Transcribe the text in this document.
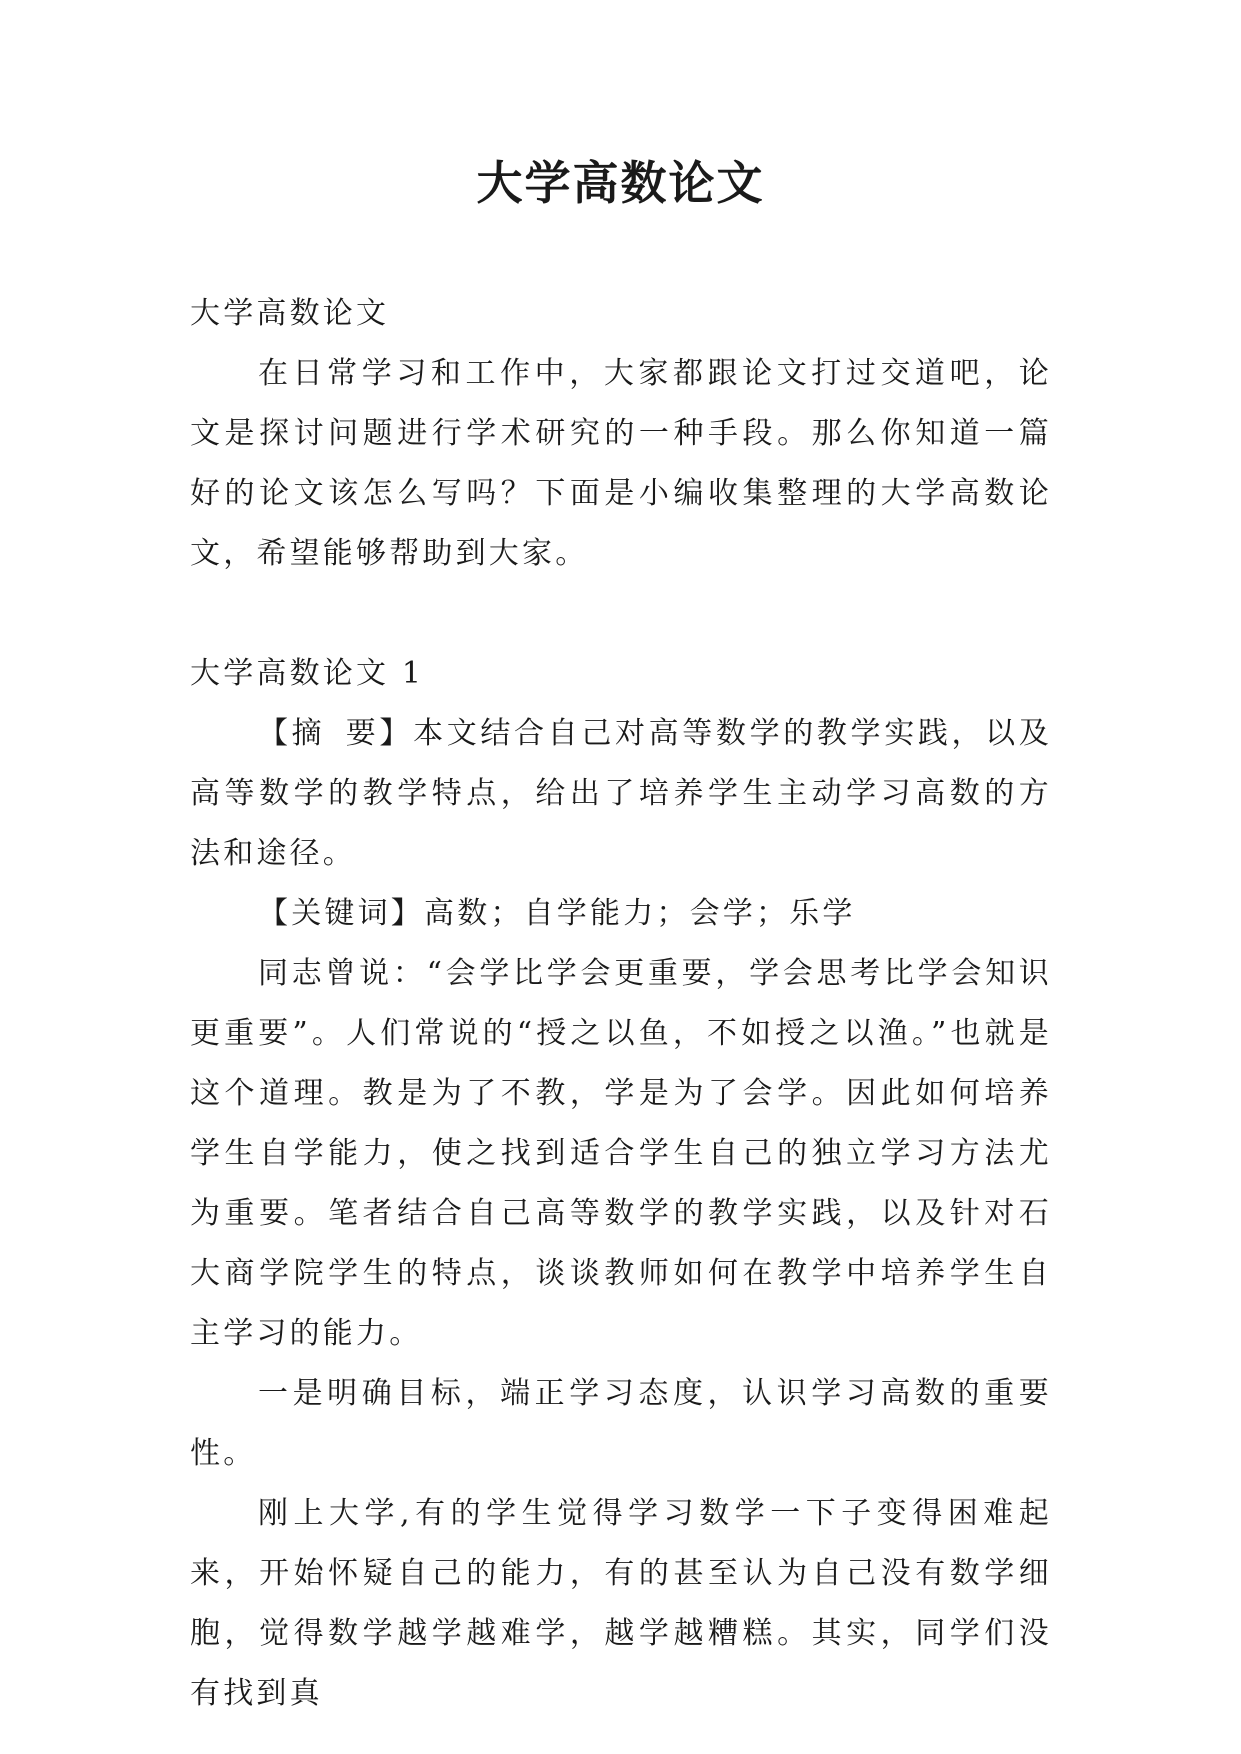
大学高数论文

大学高数论文

在日常学习和工作中，大家都跟论文打过交道吧，论文是探讨问题进行学术研究的一种手段。那么你知道一篇好的论文该怎么写吗？下面是小编收集整理的大学高数论文，希望能够帮助到大家。

大学高数论文 1

【摘 要】本文结合自己对高等数学的教学实践，以及高等数学的教学特点，给出了培养学生主动学习高数的方法和途径。

【关键词】高数；自学能力；会学；乐学

同志曾说：“会学比学会更重要，学会思考比学会知识更重要”。人们常说的“授之以鱼，不如授之以渔。”也就是这个道理。教是为了不教，学是为了会学。因此如何培养学生自学能力，使之找到适合学生自己的独立学习方法尤为重要。笔者结合自己高等数学的教学实践，以及针对石大商学院学生的特点，谈谈教师如何在教学中培养学生自主学习的能力。

一是明确目标，端正学习态度，认识学习高数的重要性。

刚上大学,有的学生觉得学习数学一下子变得困难起来，开始怀疑自己的能力，有的甚至认为自己没有数学细胞，觉得数学越学越难学，越学越糟糕。其实，同学们没有找到真
